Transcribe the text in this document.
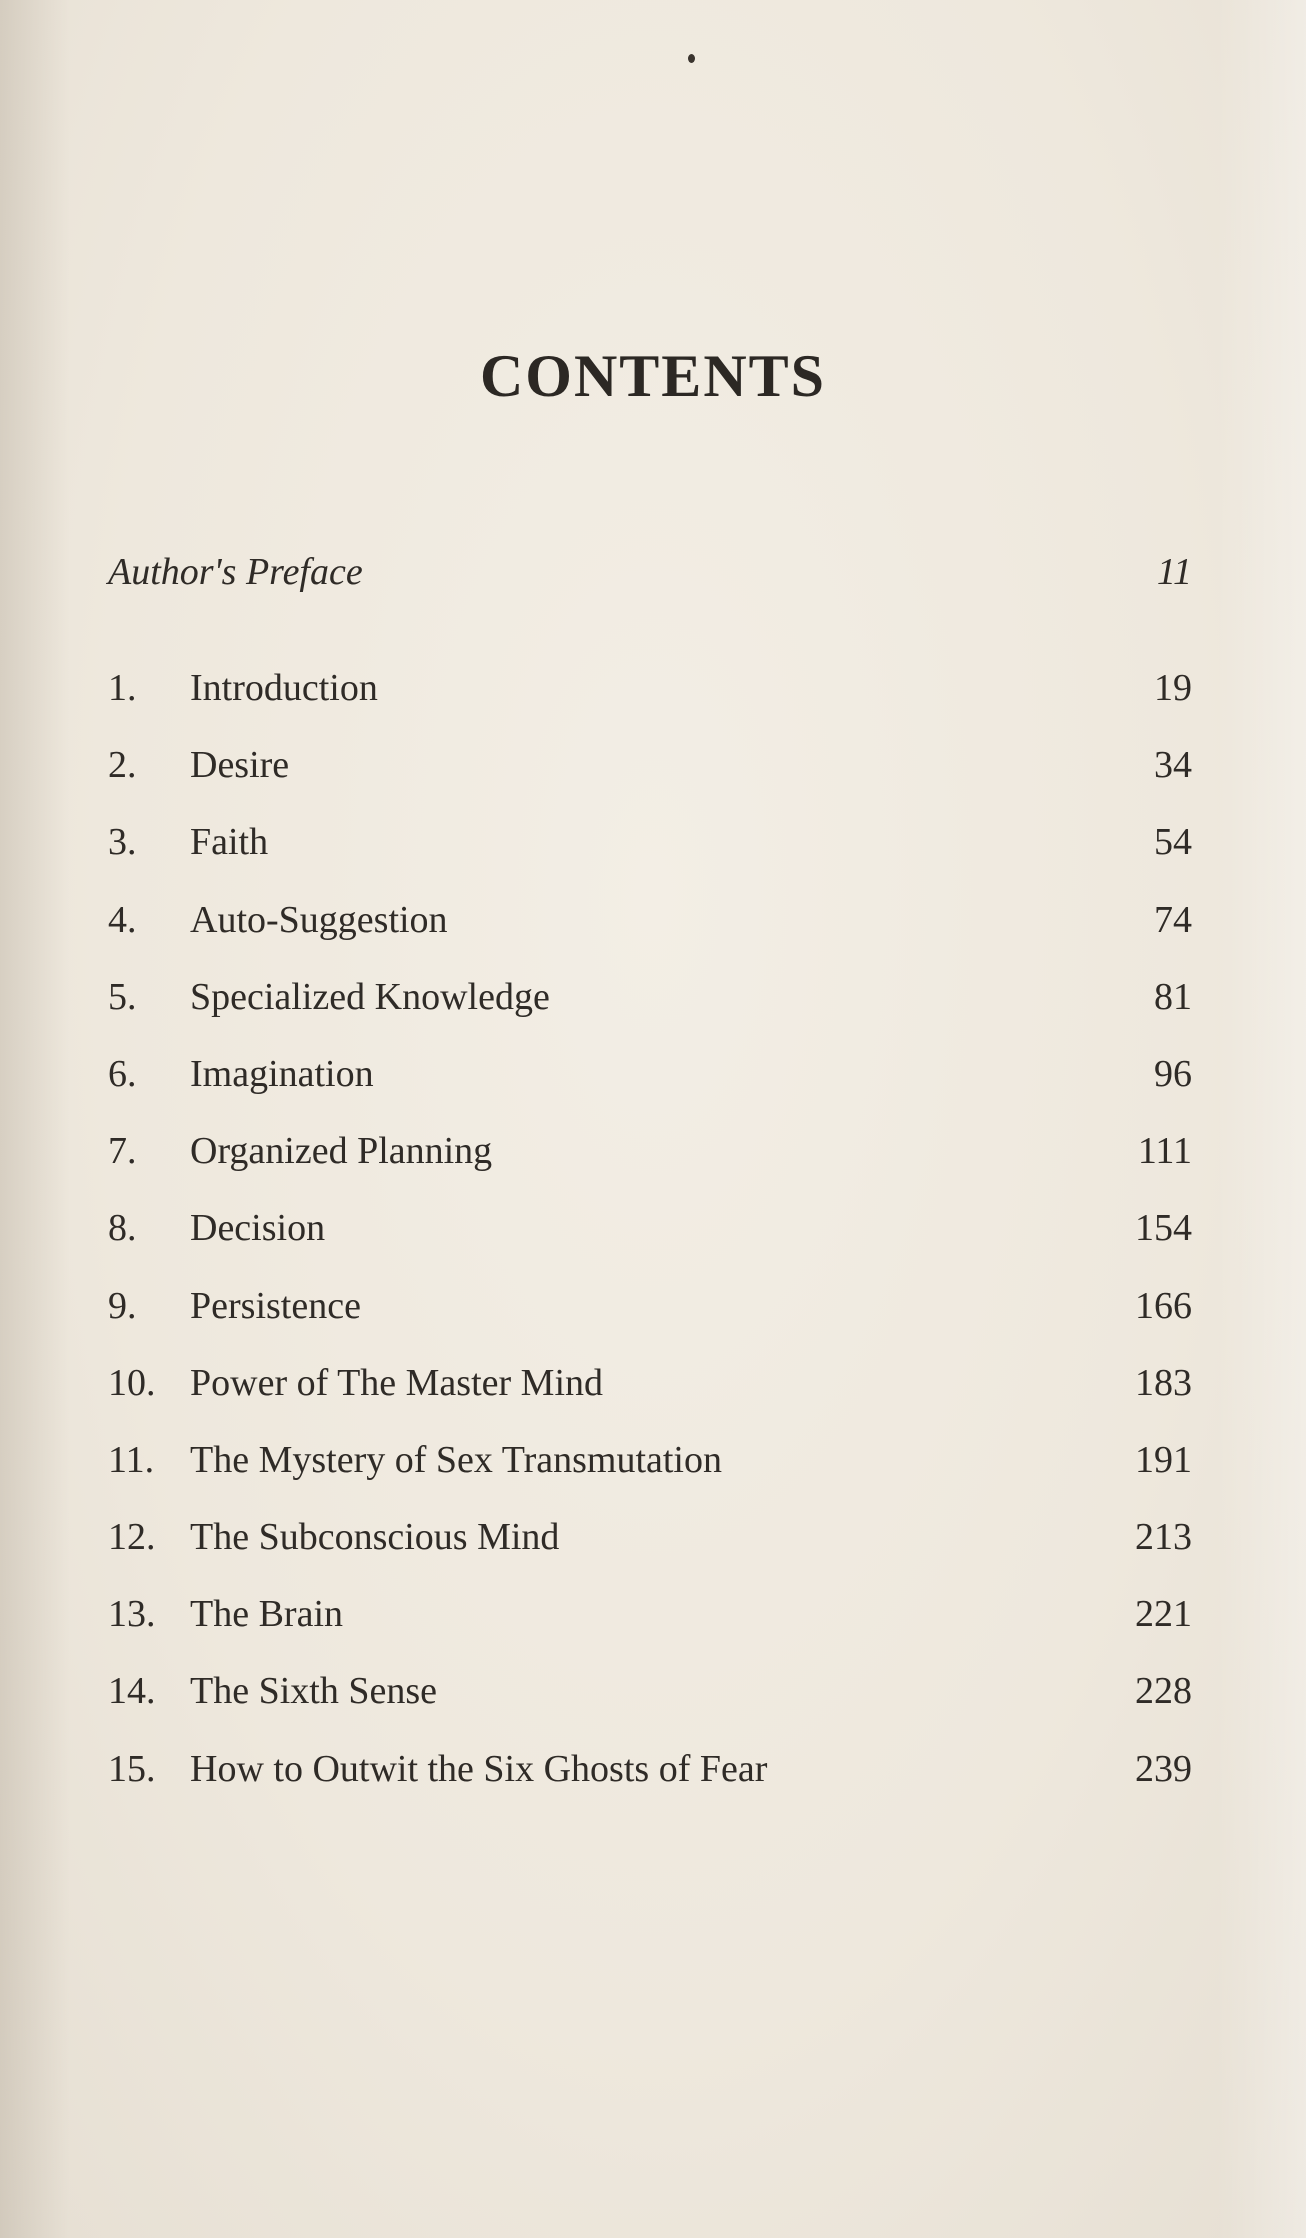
CONTENTS
Author's Preface	11
1.	Introduction	19
2.	Desire	34
3.	Faith	54
4.	Auto-Suggestion	74
5.	Specialized Knowledge	81
6.	Imagination	96
7.	Organized Planning	111
8.	Decision	154
9.	Persistence	166
10. Power of The Master Mind	183
11. The Mystery of Sex Transmutation	191
12. The Subconscious Mind	213
13. The Brain	221
14. The Sixth Sense	228
15. How to Outwit the Six Ghosts of Fear	239
